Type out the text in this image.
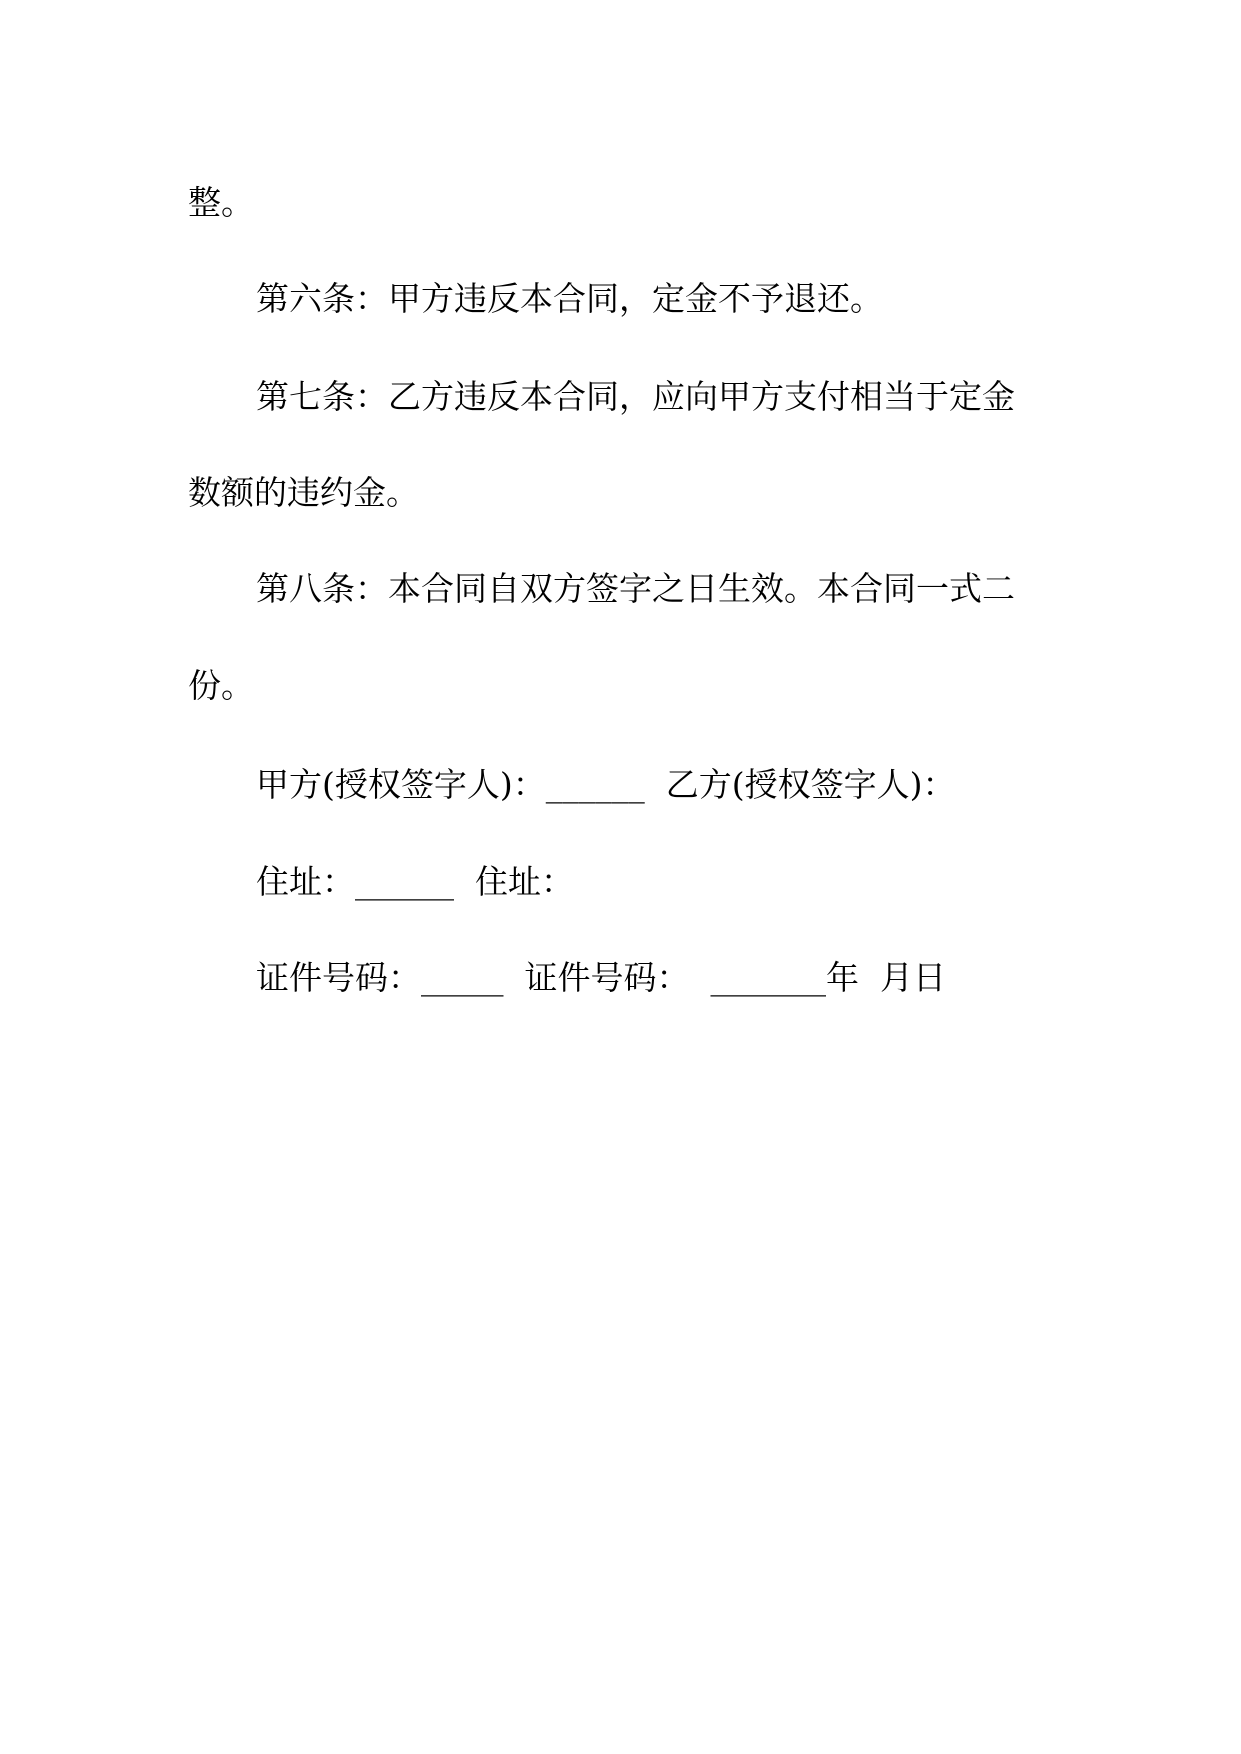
整。
第六条：甲方违反本合同，定金不予退还。
第七条：乙方违反本合同，应向甲方支付相当于定金
数额的违约金。
第八条：本合同自双方签字之日生效。本合同一式二
份。
甲方(授权签字人)：______  乙方(授权签字人)：
住址：______  住址：
证件号码：_____  证件号码：  _______年  月日
